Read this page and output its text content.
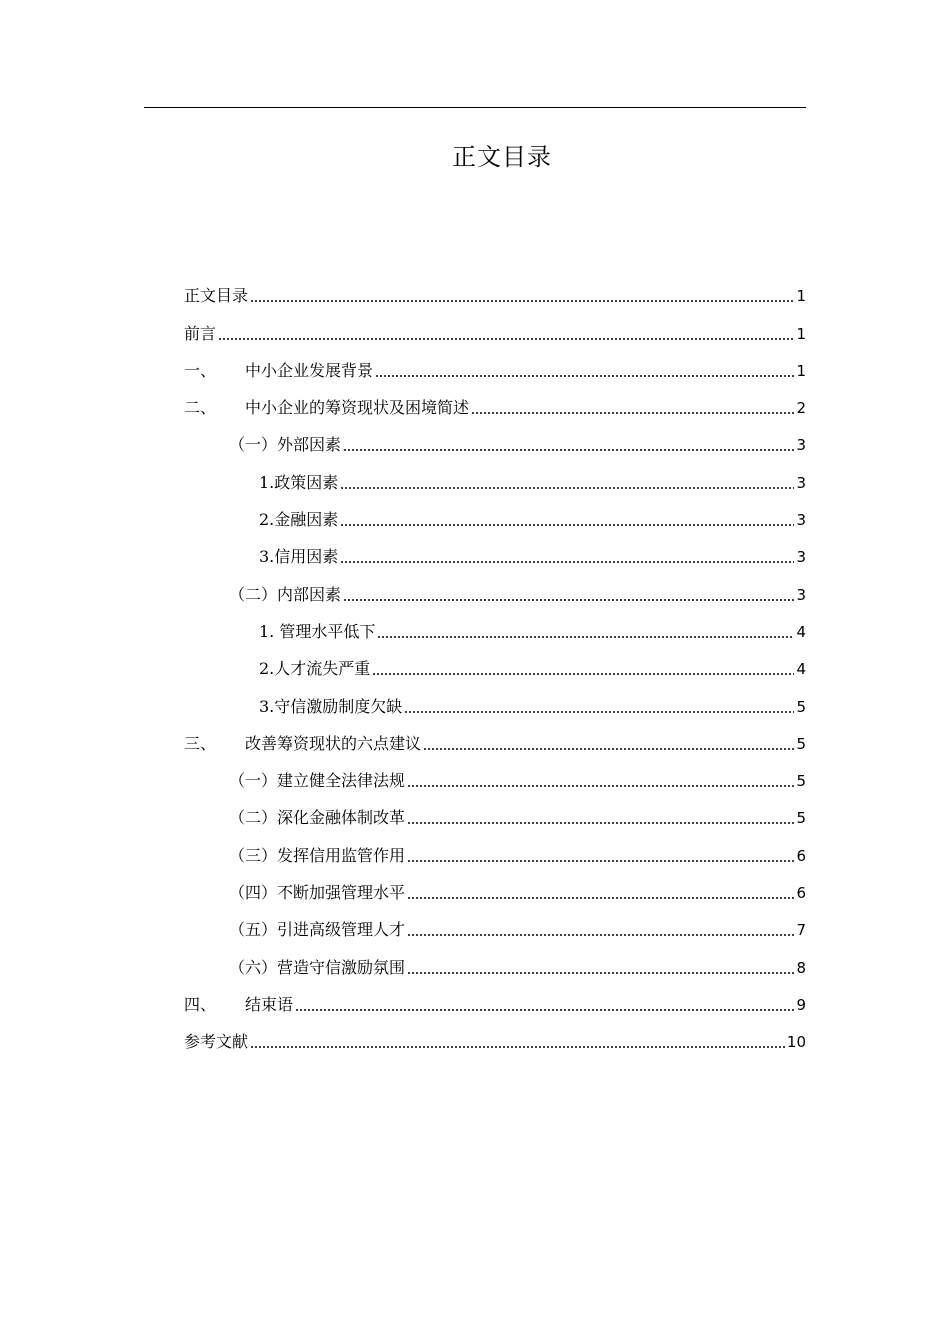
正文目录
正文目录	1
前言	1
一、	中小企业发展背景	1
二、	中小企业的筹资现状及困境简述	2
（一）外部因素	3
1.政策因素	3
2.金融因素	3
3.信用因素	3
（二）内部因素	3
1. 管理水平低下	4
2.人才流失严重	4
3.守信激励制度欠缺	5
三、	改善筹资现状的六点建议	5
（一）建立健全法律法规	5
（二）深化金融体制改革	5
（三）发挥信用监管作用	6
（四）不断加强管理水平	6
（五）引进高级管理人才	7
（六）营造守信激励氛围	8
四、	结束语	9
参考文献	10
